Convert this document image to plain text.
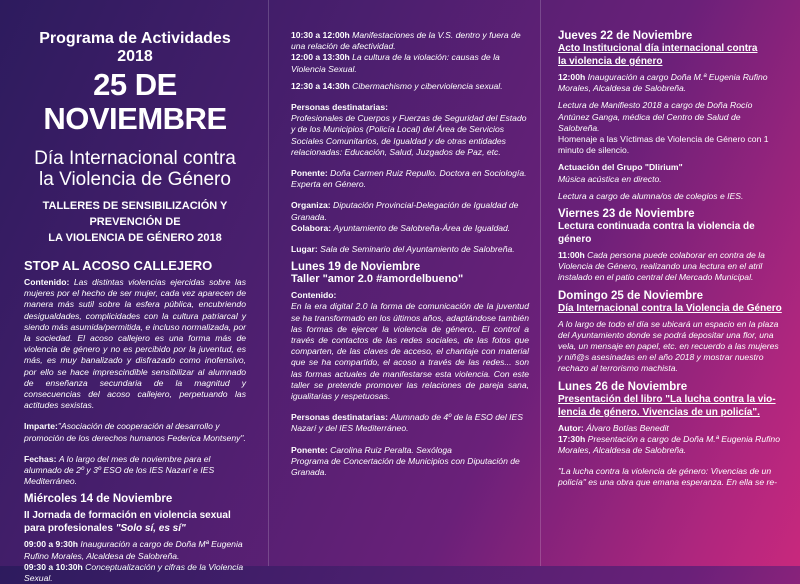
Programa de Actividades 2018
25 DE NOVIEMBRE
Día Internacional contra
la Violencia de Género
TALLERES DE SENSIBILIZACIÓN Y PREVENCIÓN DE
LA VIOLENCIA DE GÉNERO 2018
STOP AL ACOSO CALLEJERO

Contenido: Las distintas violencias ejercidas sobre las mujeres por el hecho de ser mujer, cada vez aparecen de manera más sutil sobre la esfera pública, encubriendo desigualdades, complicidades con la cultura patriarcal y siendo más asumida/permitida, e incluso normalizada, por la sociedad. El acoso callejero es una forma más de violencia de género y no es percibido por la juventud, es más, es muy banalizado y disfrazado como inofensivo, por ello se hace imprescindible sensibilizar al alumnado de enseñanza secundaria de la magnitud y consecuencias del acoso callejero, perpetuando las actitudes sexistas.

Imparte:"Asociación de cooperación al desarrollo y promoción de los derechos humanos Federica Montseny".

Fechas: A lo largo del mes de noviembre para el alumnado de 2º y 3º ESO de los IES Nazarí e IES Mediterráneo.

Miércoles 14 de Noviembre
II Jornada de formación en violencia sexual
para profesionales "Solo sí, es sí"

09:00 a 9:30h Inauguración a cargo de Doña Mª Eugenia Rufino Morales, Alcaldesa de Salobreña.
09:30 a 10:30h Conceptualización y cifras de la Violencia Sexual.

10:30 a 12:00h Manifestaciones de la V.S. dentro y fuera de una relación de afectividad.
12:00 a 13:30h La cultura de la violación: causas de la Violencia Sexual.

12:30 a 14:30h Cibermachismo y ciberviolencia sexual.

Personas destinatarias:
Profesionales de Cuerpos y Fuerzas de Seguridad del Estado y de los Municipios (Policía Local) del Área de Servicios Sociales Comunitarios, de Igualdad y de otras entidades relacionadas: Educación, Salud, Juzgados de Paz, etc.

Ponente: Doña Carmen Ruiz Repullo. Doctora en Sociología. Experta en Género.

Organiza: Diputación Provincial-Delegación de Igualdad de Granada.
Colabora: Ayuntamiento de Salobreña-Área de Igualdad.

Lugar: Sala de Seminario del Ayuntamiento de Salobreña.

Lunes 19 de Noviembre
Taller "amor 2.0 #amordelbueno"

Contenido:
En la era digital 2.0 la forma de comunicación de la juventud se ha transformado en los últimos años, adaptándose también las formas de ejercer la violencia de género,. El control a través de contactos de las redes sociales, de las fotos que comparten, de las claves de acceso, el chantaje con material que se ha compartido, el acoso a través de las redes... son las formas actuales de manifestarse esta violencia. Con este taller se pretende promover las relaciones de pareja sana, igualitarias y respetuosas.

Personas destinatarias: Alumnado de 4º de la ESO del IES Nazarí y del IES Mediterráneo.

Ponente: Carolina Ruiz Peralta. Sexóloga
Programa de Concertación de Municipios con Diputación de Granada.

Jueves 22 de Noviembre
Acto Institucional día internacional contra
la violencia de género

12:00h Inauguración a cargo Doña M.ª Eugenia Rufino Morales, Alcaldesa de Salobreña.

Lectura de Manifiesto 2018 a cargo de Doña Rocío Antúnez Ganga, médica del Centro de Salud de Salobreña.
Homenaje a las Víctimas de Violencia de Género con 1 minuto de silencio.

Actuación del Grupo "Dlirium"
Música acústica en directo.

Lectura a cargo de alumna/os de colegios e IES.

Viernes 23 de Noviembre
Lectura continuada contra la violencia de género

11:00h Cada persona puede colaborar en contra de la Violencia de Género, realizando una lectura en el atril instalado en el patio central del Mercado Municipal.

Domingo 25 de Noviembre
Día Internacional contra la Violencia de Género

A lo largo de todo el día se ubicará un espacio en la plaza del Ayuntamiento donde se podrá depositar una flor, una vela, un mensaje en papel, etc. en recuerdo a las mujeres y niñ@s asesinadas en el año 2018 y mostrar nuestro rechazo al terrorismo machista.

Lunes 26 de Noviembre
Presentación del libro "La lucha contra la vio-
lencia de género. Vivencias de un policía".

Autor: Álvaro Botías Benedit
17:30h Presentación a cargo de Doña M.ª Eugenia Rufino Morales, Alcaldesa de Salobreña.

"La lucha contra la violencia de género: Vivencias de un policía" es una obra que emana esperanza. En ella se re-
